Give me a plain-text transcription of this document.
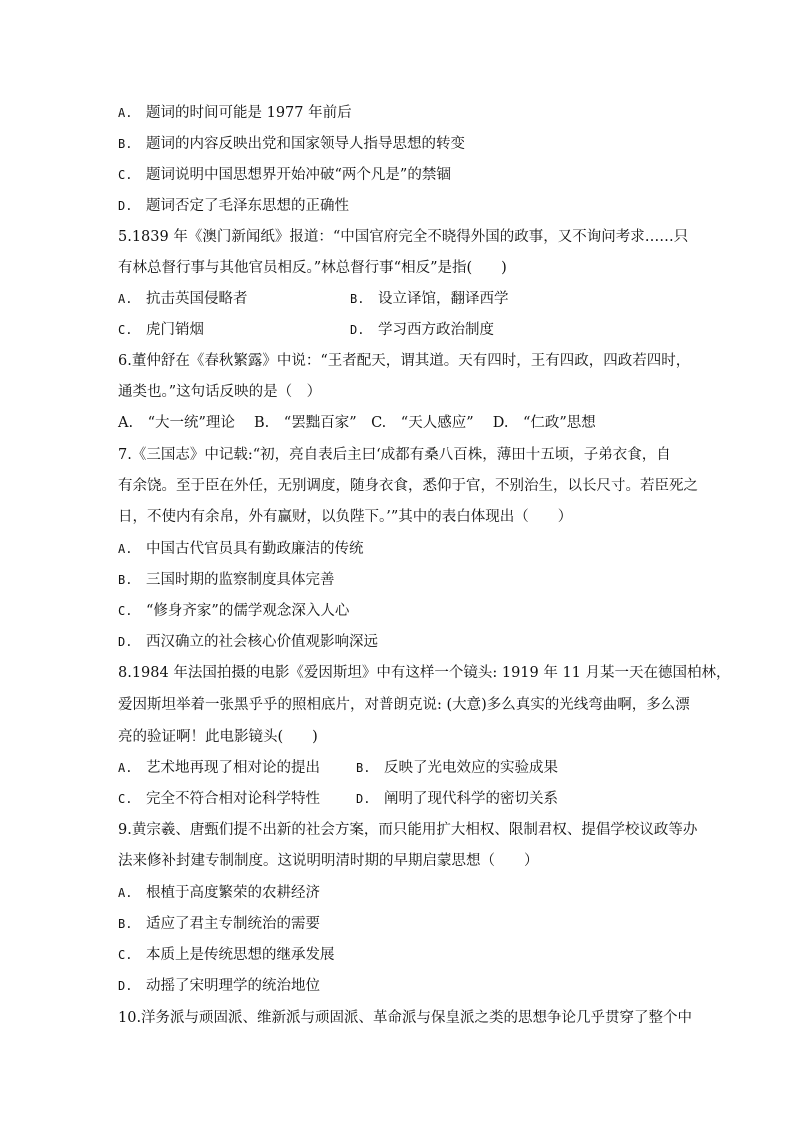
A. 题词的时间可能是 1977 年前后
B. 题词的内容反映出党和国家领导人指导思想的转变
C. 题词说明中国思想界开始冲破“两个凡是”的禁锢
D. 题词否定了毛泽东思想的正确性
5.1839 年《澳门新闻纸》报道：“中国官府完全不晓得外国的政事，又不询问考求……只
有林总督行事与其他官员相反。”林总督行事“相反”是指(　　)
A. 抗击英国侵略者	B. 设立译馆，翻译西学
C. 虎门销烟	D. 学习西方政治制度
6.董仲舒在《春秋繁露》中说：“王者配天，谓其道。天有四时，王有四政，四政若四时，
通类也。”这句话反映的是（　）
A.　“大一统”理论　 B.　“罢黜百家”　C.　“天人感应”　 D.　“仁政”思想
7.《三国志》中记载:“初，亮自表后主曰‘成都有桑八百株，薄田十五顷，子弟衣食，自
有余饶。至于臣在外任，无别调度，随身衣食，悉仰于官，不别治生，以长尺寸。若臣死之
日，不使内有余帛，外有赢财，以负陛下。’”其中的表白体现出（　　）
A. 中国古代官员具有勤政廉洁的传统
B. 三国时期的监察制度具体完善
C. “修身齐家”的儒学观念深入人心
D. 西汉确立的社会核心价值观影响深远
8.1984 年法国拍摄的电影《爱因斯坦》中有这样一个镜头: 1919 年 11 月某一天在德国柏林，
爱因斯坦举着一张黑乎乎的照相底片，对普朗克说: (大意)多么真实的光线弯曲啊，多么漂
亮的验证啊！此电影镜头(　　)
A. 艺术地再现了相对论的提出	B. 反映了光电效应的实验成果
C. 完全不符合相对论科学特性	D. 阐明了现代科学的密切关系
9.黄宗羲、唐甄们提不出新的社会方案，而只能用扩大相权、限制君权、提倡学校议政等办
法来修补封建专制制度。这说明明清时期的早期启蒙思想（　　）
A. 根植于高度繁荣的农耕经济
B. 适应了君主专制统治的需要
C. 本质上是传统思想的继承发展
D. 动摇了宋明理学的统治地位
10.洋务派与顽固派、维新派与顽固派、革命派与保皇派之类的思想争论几乎贯穿了整个中
